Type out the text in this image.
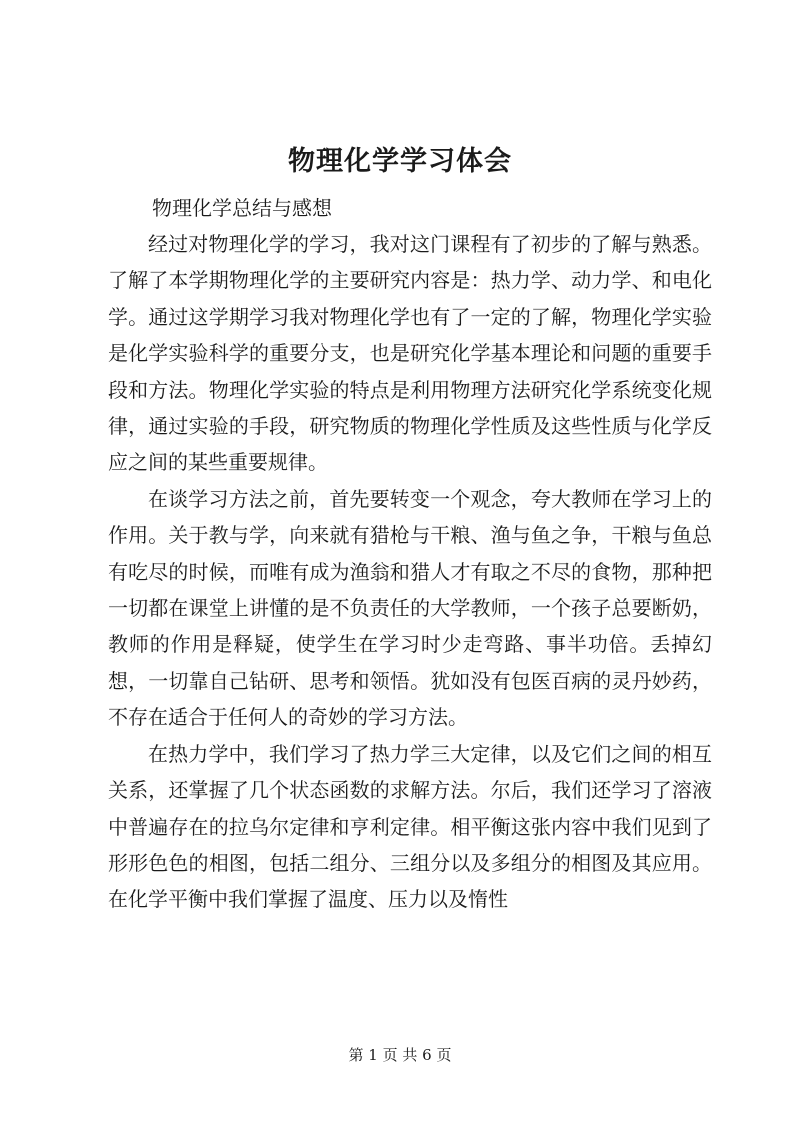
物理化学学习体会
物理化学总结与感想

经过对物理化学的学习，我对这门课程有了初步的了解与熟悉。了解了本学期物理化学的主要研究内容是：热力学、动力学、和电化学。通过这学期学习我对物理化学也有了一定的了解，物理化学实验是化学实验科学的重要分支，也是研究化学基本理论和问题的重要手段和方法。物理化学实验的特点是利用物理方法研究化学系统变化规律，通过实验的手段，研究物质的物理化学性质及这些性质与化学反应之间的某些重要规律。

在谈学习方法之前，首先要转变一个观念，夸大教师在学习上的作用。关于教与学，向来就有猎枪与干粮、渔与鱼之争，干粮与鱼总有吃尽的时候，而唯有成为渔翁和猎人才有取之不尽的食物，那种把一切都在课堂上讲懂的是不负责任的大学教师，一个孩子总要断奶，教师的作用是释疑，使学生在学习时少走弯路、事半功倍。丢掉幻想，一切靠自己钻研、思考和领悟。犹如没有包医百病的灵丹妙药，不存在适合于任何人的奇妙的学习方法。

在热力学中，我们学习了热力学三大定律，以及它们之间的相互关系，还掌握了几个状态函数的求解方法。尔后，我们还学习了溶液中普遍存在的拉乌尔定律和亨利定律。相平衡这张内容中我们见到了形形色色的相图，包括二组分、三组分以及多组分的相图及其应用。在化学平衡中我们掌握了温度、压力以及惰性

第 1 页 共 6 页
